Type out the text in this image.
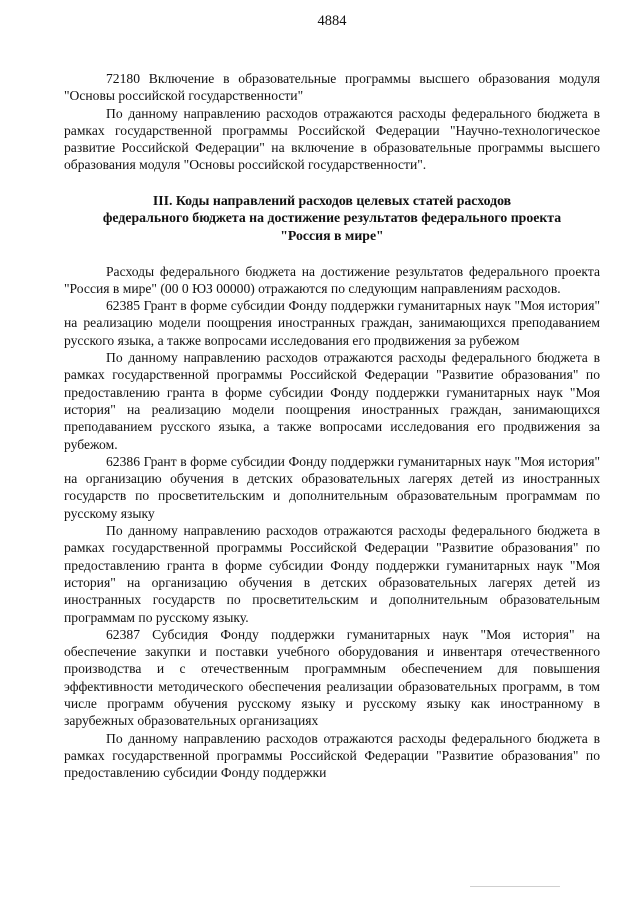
4884

72180 Включение в образовательные программы высшего образования модуля "Основы российской государственности"

По данному направлению расходов отражаются расходы федерального бюджета в рамках государственной программы Российской Федерации "Научно-технологическое развитие Российской Федерации" на включение в образовательные программы высшего образования модуля "Основы российской государственности".

III. Коды направлений расходов целевых статей расходов
федерального бюджета на достижение результатов федерального проекта
"Россия в мире"

Расходы федерального бюджета на достижение результатов федерального проекта "Россия в мире" (00 0 ЮЗ 00000) отражаются по следующим направлениям расходов.

62385 Грант в форме субсидии Фонду поддержки гуманитарных наук "Моя история" на реализацию модели поощрения иностранных граждан, занимающихся преподаванием русского языка, а также вопросами исследования его продвижения за рубежом

По данному направлению расходов отражаются расходы федерального бюджета в рамках государственной программы Российской Федерации "Развитие образования" по предоставлению гранта в форме субсидии Фонду поддержки гуманитарных наук "Моя история" на реализацию модели поощрения иностранных граждан, занимающихся преподаванием русского языка, а также вопросами исследования его продвижения за рубежом.

62386 Грант в форме субсидии Фонду поддержки гуманитарных наук "Моя история" на организацию обучения в детских образовательных лагерях детей из иностранных государств по просветительским и дополнительным образовательным программам по русскому языку

По данному направлению расходов отражаются расходы федерального бюджета в рамках государственной программы Российской Федерации "Развитие образования" по предоставлению гранта в форме субсидии Фонду поддержки гуманитарных наук "Моя история" на организацию обучения в детских образовательных лагерях детей из иностранных государств по просветительским и дополнительным образовательным программам по русскому языку.

62387 Субсидия Фонду поддержки гуманитарных наук "Моя история" на обеспечение закупки и поставки учебного оборудования и инвентаря отечественного производства и с отечественным программным обеспечением для повышения эффективности методического обеспечения реализации образовательных программ, в том числе программ обучения русскому языку и русскому языку как иностранному в зарубежных образовательных организациях

По данному направлению расходов отражаются расходы федерального бюджета в рамках государственной программы Российской Федерации "Развитие образования" по предоставлению субсидии Фонду поддержки
